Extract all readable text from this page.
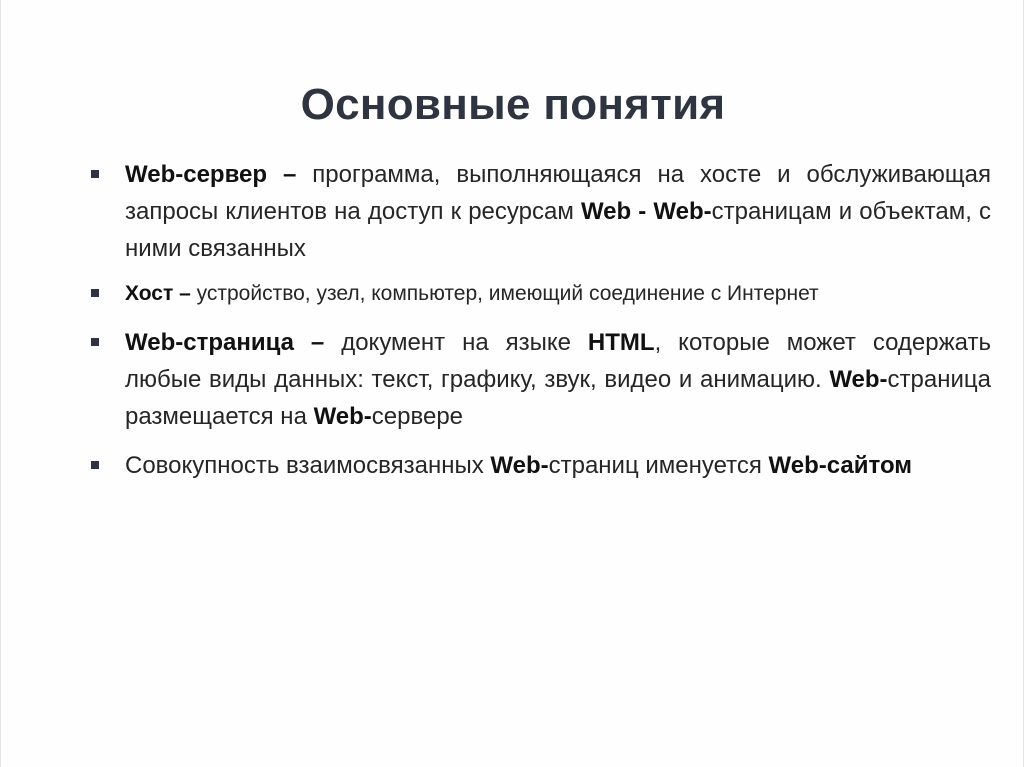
Основные понятия
Web-сервер – программа, выполняющаяся на хосте и обслуживающая запросы клиентов на доступ к ресурсам Web - Web-страницам и объектам, с ними связанных
Хост – устройство, узел, компьютер, имеющий соединение с Интернет
Web-страница – документ на языке HTML, которые может содержать любые виды данных: текст, графику, звук, видео и анимацию. Web-страница размещается на Web-сервере
Совокупность взаимосвязанных Web-страниц именуется Web-сайтом
